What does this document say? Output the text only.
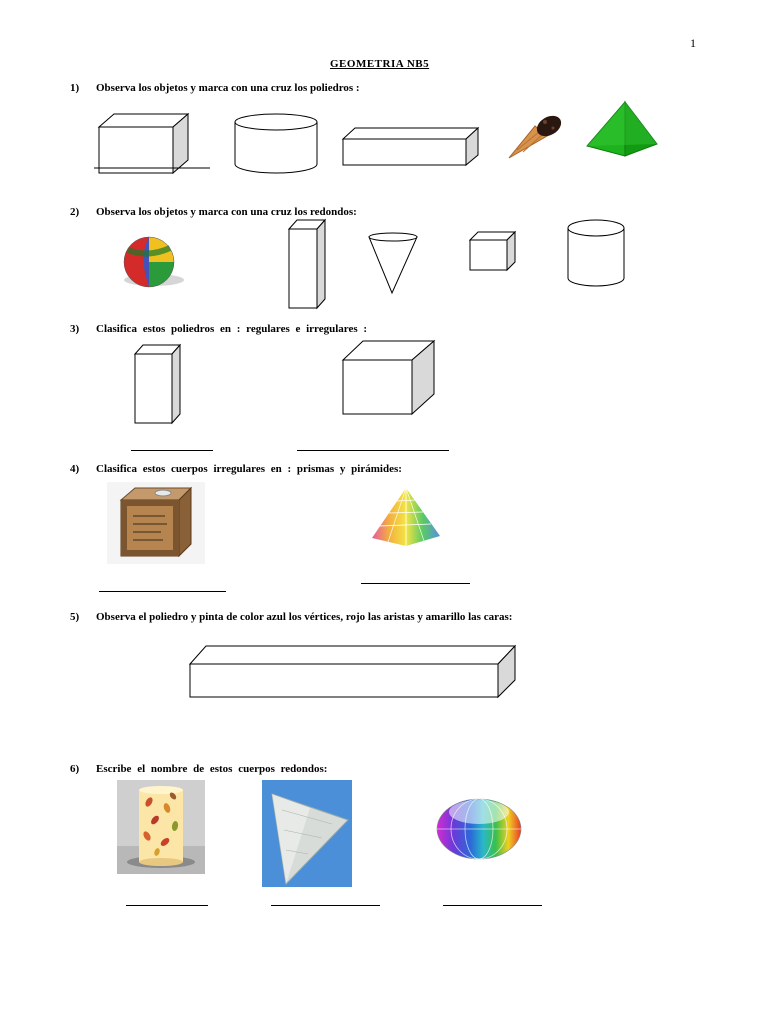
1
GEOMETRIA NB5
1) Observa los objetos y marca con una cruz los poliedros :
2) Observa los objetos y marca con una cruz los redondos:
3) Clasifica estos poliedros en : regulares e irregulares :
4) Clasifica estos cuerpos irregulares en : prismas y pirámides:
5) Observa el poliedro y pinta de color azul los vértices, rojo las aristas y amarillo las caras:
6) Escribe el nombre de estos cuerpos redondos:
